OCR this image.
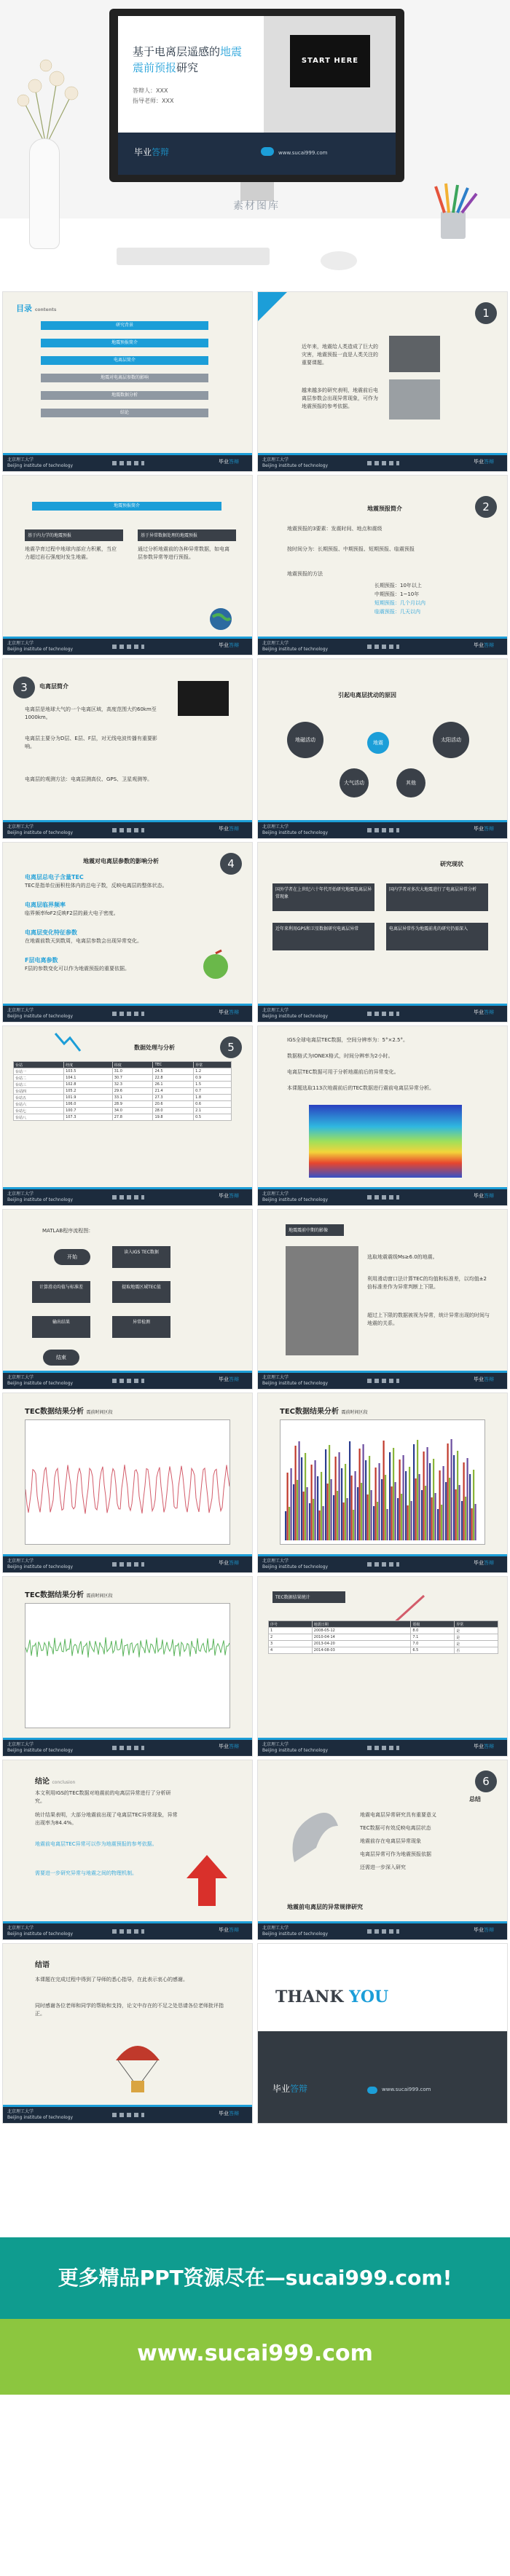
基于电离层遥感的地震
震前预报研究
答辩人：XXX
指导老师：XXX
START HERE
毕业答辩	www.sucai999.com
素材图库
目录 contents
研究背景
地震预报简介
电离层简介
地震对电离层参数的影响
地震数据分析
结论
北京理工大学
Beijing institute of technology
毕业答辩
1
近年来，地震给人类造成了巨大的灾害，地震预报一直是人类关注的重要课题。
越来越多的研究表明，地震前后电离层参数会出现异常现象，可作为地震预报的参考依据。
北京理工大学
Beijing institute of technology
毕业答辩
地震预报简介
基于内力学的地震预报	基于异常数据处理的地震预报
地震孕育过程中地球内部应力积累，当应力超过岩石强度时发生地震。
通过分析地震前的各种异常数据，如电离层参数异常等进行预报。
北京理工大学
Beijing institute of technology
毕业答辩
地震预报简介	2
地震预报的3要素：发震时间、地点和震级
按时间分为：长期预报、中期预报、短期预报、临震预报
地震预报的方法
长期预报：10年以上
中期预报：1~10年
短期预报：几个月以内
临震预报：几天以内
北京理工大学
Beijing institute of technology
毕业答辩
3	电离层简介
电离层是地球大气的一个电离区域，高度范围大约60km至1000km。
电离层主要分为D层、E层、F层，对无线电波传播有重要影响。
电离层的观测方法：电离层测高仪、GPS、卫星观测等。
北京理工大学
Beijing institute of technology
毕业答辩
引起电离层扰动的原因
地震
地磁活动	太阳活动
大气活动	其他
北京理工大学
Beijing institute of technology
毕业答辩
4
地震对电离层参数的影响分析
电离层总电子含量TEC
TEC是指单位面积柱体内的总电子数，反映电离层的整体状态。
电离层临界频率
临界频率foF2反映F2层的最大电子密度。
电离层变化特征参数
在地震前数天到数周，电离层参数会出现异常变化。
F层电离参数
F层的参数变化可以作为地震预报的重要依据。
北京理工大学
Beijing institute of technology
毕业答辩
研究现状
国外学者在上世纪六十年代开始研究地震电离层异常现象
国内学者对多次大地震进行了电离层异常分析
近年来利用GPS和卫星数据研究电离层异常	电离层异常作为地震前兆的研究仍需深入
北京理工大学
Beijing institute of technology
毕业答辩
数据处理与分析	5
台站	经度	纬度	TEC	异常
台站一	103.5	31.0	24.5	1.2
台站二	104.1	30.7	22.8	0.9
台站三	102.8	32.3	26.1	1.5
台站四	105.2	29.6	21.4	0.7
台站五	101.9	33.1	27.3	1.8
台站六	106.0	28.9	20.6	0.6
台站七	100.7	34.0	28.0	2.1
台站八	107.3	27.8	19.8	0.5
北京理工大学
Beijing institute of technology
毕业答辩
IGS全球电离层TEC数据，空间分辨率为：5°×2.5°。
数据格式为IONEX格式，时间分辨率为2小时。
电离层TEC数据可用于分析地震前后的异常变化。
本课题选取113次地震前后的TEC数据进行震前电离层异常分析。
北京理工大学
Beijing institute of technology
毕业答辩
MATLAB程序流程图：
开始
读入IGS TEC数据
提取地震区域TEC值
计算滑动均值与标准差
异常检测
输出结果
结束
北京理工大学
Beijing institute of technology
毕业答辩
地震震前中期的影像
选取地震震级Ms≥6.0的地震。
利用滑动窗口法计算TEC的均值和标准差，以均值±2倍标准差作为异常判断上下限。
超过上下限的数据被视为异常，统计异常出现的时间与地震的关系。
北京理工大学
Beijing institute of technology
毕业答辩
TEC数据结果分析 震前时间区段
北京理工大学
Beijing institute of technology
毕业答辩
TEC数据结果分析 震前时间区段
北京理工大学
Beijing institute of technology
毕业答辩
TEC数据结果分析 震前时间区段
北京理工大学
Beijing institute of technology
毕业答辩
TEC数据结果统计
序号	地震日期	震级	异常
1	2008-05-12	8.0	是
2	2010-04-14	7.1	是
3	2013-04-20	7.0	是
4	2014-08-03	6.5	否
北京理工大学
Beijing institute of technology
毕业答辩
结论 conclusion
本文利用IGS的TEC数据对地震前的电离层异常进行了分析研究。
统计结果表明，大部分地震前出现了电离层TEC异常现象，异常出现率为84.4%。
地震前电离层TEC异常可以作为地震预报的参考依据。
需要进一步研究异常与地震之间的物理机制。
北京理工大学
Beijing institute of technology
毕业答辩
6
总结
地震电离层异常研究具有重要意义
TEC数据可有效反映电离层状态
地震前存在电离层异常现象
电离层异常可作为地震预报依据
还需进一步深入研究
地震前电离层的异常规律研究
北京理工大学
Beijing institute of technology
毕业答辩
结语
本课题在完成过程中得到了导师的悉心指导，在此表示衷心的感谢。
同时感谢各位老师和同学的帮助和支持，论文中存在的不足之处恳请各位老师批评指正。
北京理工大学
Beijing institute of technology
毕业答辩
THANK YOU
毕业答辩	www.sucai999.com
更多精品PPT资源尽在—sucai999.com!
www.sucai999.com
